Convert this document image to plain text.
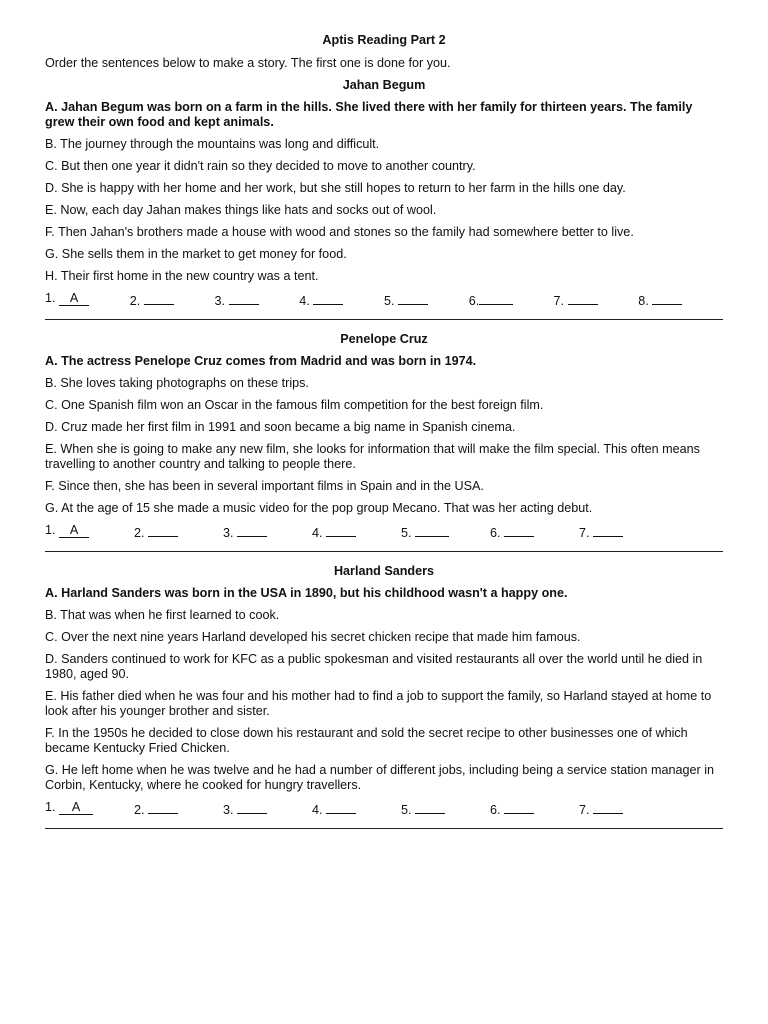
Aptis Reading Part 2
Order the sentences below to make a story. The first one is done for you.
Jahan Begum
A. Jahan Begum was born on a farm in the hills. She lived there with her family for thirteen years. The family grew their own food and kept animals.
B. The journey through the mountains was long and difficult.
C. But then one year it didn't rain so they decided to move to another country.
D. She is happy with her home and her work, but she still hopes to return to her farm in the hills one day.
E. Now, each day Jahan makes things like hats and socks out of wool.
F. Then Jahan's brothers made a house with wood and stones so the family had somewhere better to live.
G. She sells them in the market to get money for food.
H. Their first home in the new country was a tent.
1. A	2.	3.	4.	5.	6.	7.	8.
Penelope Cruz
A. The actress Penelope Cruz comes from Madrid and was born in 1974.
B. She loves taking photographs on these trips.
C. One Spanish film won an Oscar in the famous film competition for the best foreign film.
D. Cruz made her first film in 1991 and soon became a big name in Spanish cinema.
E. When she is going to make any new film, she looks for information that will make the film special. This often means travelling to another country and talking to people there.
F. Since then, she has been in several important films in Spain and in the USA.
G. At the age of 15 she made a music video for the pop group Mecano. That was her acting debut.
1. A	2.	3.	4.	5.	6.	7.
Harland Sanders
A. Harland Sanders was born in the USA in 1890, but his childhood wasn't a happy one.
B. That was when he first learned to cook.
C. Over the next nine years Harland developed his secret chicken recipe that made him famous.
D. Sanders continued to work for KFC as a public spokesman and visited restaurants all over the world until he died in 1980, aged 90.
E. His father died when he was four and his mother had to find a job to support the family, so Harland stayed at home to look after his younger brother and sister.
F. In the 1950s he decided to close down his restaurant and sold the secret recipe to other businesses one of which became Kentucky Fried Chicken.
G. He left home when he was twelve and he had a number of different jobs, including being a service station manager in Corbin, Kentucky, where he cooked for hungry travellers.
1. A	2.	3.	4.	5.	6.	7.
